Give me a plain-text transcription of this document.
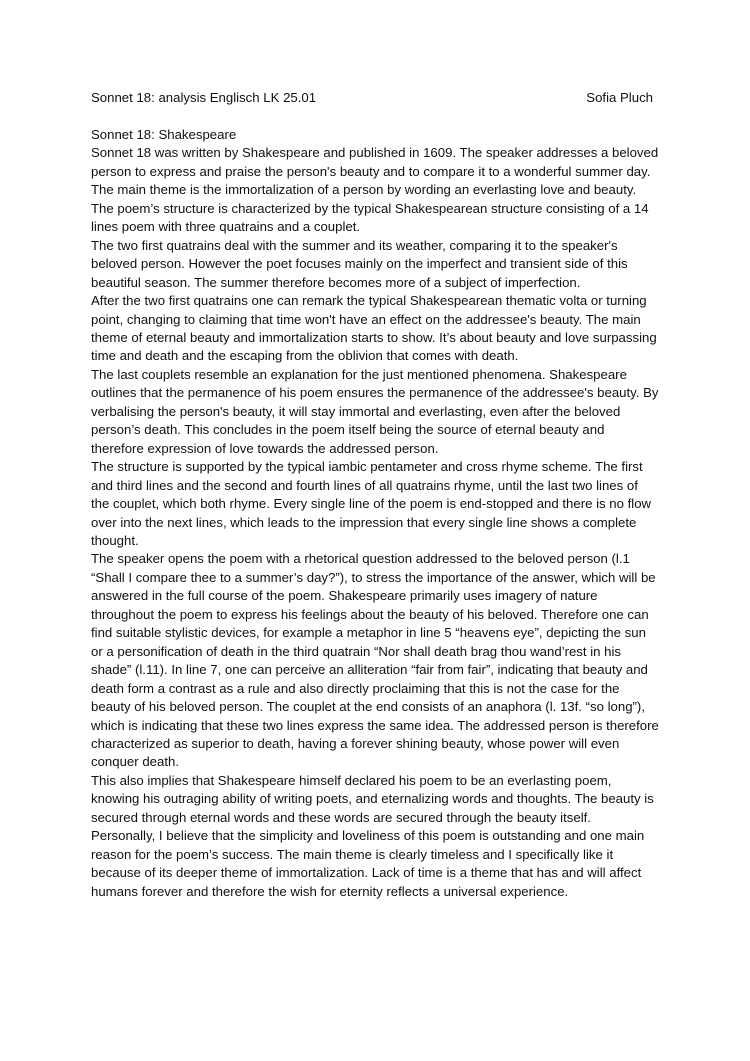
Sonnet 18: analysis Englisch LK 25.01	Sofia Pluch

Sonnet 18: Shakespeare

Sonnet 18 was written by Shakespeare and published in 1609. The speaker addresses a beloved person to express and praise the person's beauty and to compare it to a wonderful summer day. The main theme is the immortalization of a person by wording an everlasting love and beauty.

The poem’s structure is characterized by the typical Shakespearean structure consisting of a 14 lines poem with three quatrains and a couplet.

The two first quatrains deal with the summer and its weather, comparing it to the speaker's beloved person. However the poet focuses mainly on the imperfect and transient side of this beautiful season. The summer therefore becomes more of a subject of imperfection.

After the two first quatrains one can remark the typical Shakespearean thematic volta or turning point, changing to claiming that time won't have an effect on the addressee's beauty. The main theme of eternal beauty and immortalization starts to show. It’s about beauty and love surpassing time and death and the escaping from the oblivion that comes with death.

The last couplets resemble an explanation for the just mentioned phenomena. Shakespeare outlines that the permanence of his poem ensures the permanence of the addressee's beauty. By verbalising the person's beauty, it will stay immortal and everlasting, even after the beloved person’s death. This concludes in the poem itself being the source of eternal beauty and therefore expression of love towards the addressed person.

The structure is supported by the typical iambic pentameter and cross rhyme scheme. The first and third lines and the second and fourth lines of all quatrains rhyme, until the last two lines of the couplet, which both rhyme. Every single line of the poem is end-stopped and there is no flow over into the next lines, which leads to the impression that every single line shows a complete thought.

The speaker opens the poem with a rhetorical question addressed to the beloved person (l.1 “Shall I compare thee to a summer’s day?”), to stress the importance of the answer, which will be answered in the full course of the poem. Shakespeare primarily uses imagery of nature throughout the poem to express his feelings about the beauty of his beloved. Therefore one can find suitable stylistic devices, for example a metaphor in line 5 “heavens eye”, depicting the sun or a personification of death in the third quatrain “Nor shall death brag thou wand’rest in his shade” (l.11). In line 7, one can perceive an alliteration “fair from fair”, indicating that beauty and death form a contrast as a rule and also directly proclaiming that this is not the case for the beauty of his beloved person. The couplet at the end consists of an anaphora (l. 13f. “so long”), which is indicating that these two lines express the same idea. The addressed person is therefore characterized as superior to death, having a forever shining beauty, whose power will even conquer death.

This also implies that Shakespeare himself declared his poem to be an everlasting poem, knowing his outraging ability of writing poets, and eternalizing words and thoughts. The beauty is secured through eternal words and these words are secured through the beauty itself.

Personally, I believe that the simplicity and loveliness of this poem is outstanding and one main reason for the poem’s success. The main theme is clearly timeless and I specifically like it because of its deeper theme of immortalization. Lack of time is a theme that has and will affect humans forever and therefore the wish for eternity reflects a universal experience.
